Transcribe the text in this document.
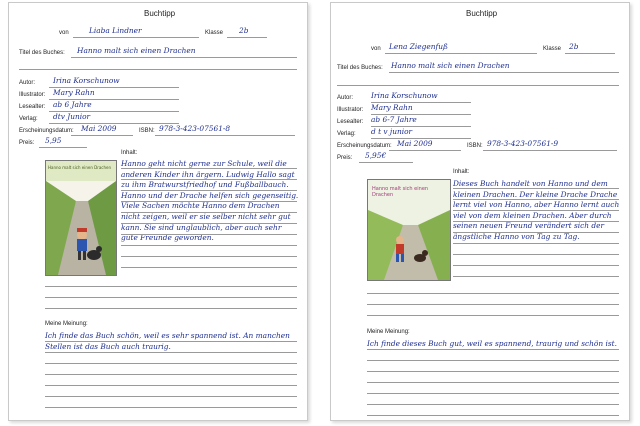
Buchtipp
von	Liaba Lindner	Klasse 2b
Titel des Buches: Hanno malt sich einen Drachen
Autor: Irina Korschunow
Illustrator: Mary Rahn
Lesealter: ab 6 Jahre
Verlag: dtv Junior
Erscheinungsdatum: Mai 2009	ISBN: 978-3-423-07561-8
Preis: 5,95
Inhalt:
Hanno malt sich einen Drachen	Hanno geht nicht gerne zur Schule, weil die anderen Kinder ihn ärgern. Ludwig Hallo sagt zu ihm Bratwurstfriedhof und Fußballbauch. Hanno und der Drache helfen sich gegenseitig. Viele Sachen möchte Hanno dem Drachen nicht zeigen, weil er sie selber nicht sehr gut kann. Sie sind unglaublich, aber auch sehr gute Freunde geworden.
Meine Meinung:
Ich finde das Buch schön, weil es sehr spannend ist. An manchen Stellen ist das Buch auch traurig.
Buchtipp
von Lena Ziegenfuß	Klasse 2b
Titel des Buches: Hanno malt sich einen Drachen
Autor: Irina Korschunow
Illustrator: Mary Rahn
Lesealter: ab 6-7 Jahre
Verlag: d t v junior
Erscheinungsdatum: Mai 2009	ISBN: 978-3-423-07561-9
Preis: 5,95€
Inhalt:
Hanno malt sich einen Drachen
Dieses Buch handelt von Hanno und dem kleinen Drachen. Der kleine Drache Drache lernt viel von Hanno, aber Hanno lernt auch viel von dem kleinen Drachen. Aber durch seinen neuen Freund verändert sich der ängstliche Hanno von Tag zu Tag.
Meine Meinung:
Ich finde dieses Buch gut, weil es spannend, traurig und schön ist.
